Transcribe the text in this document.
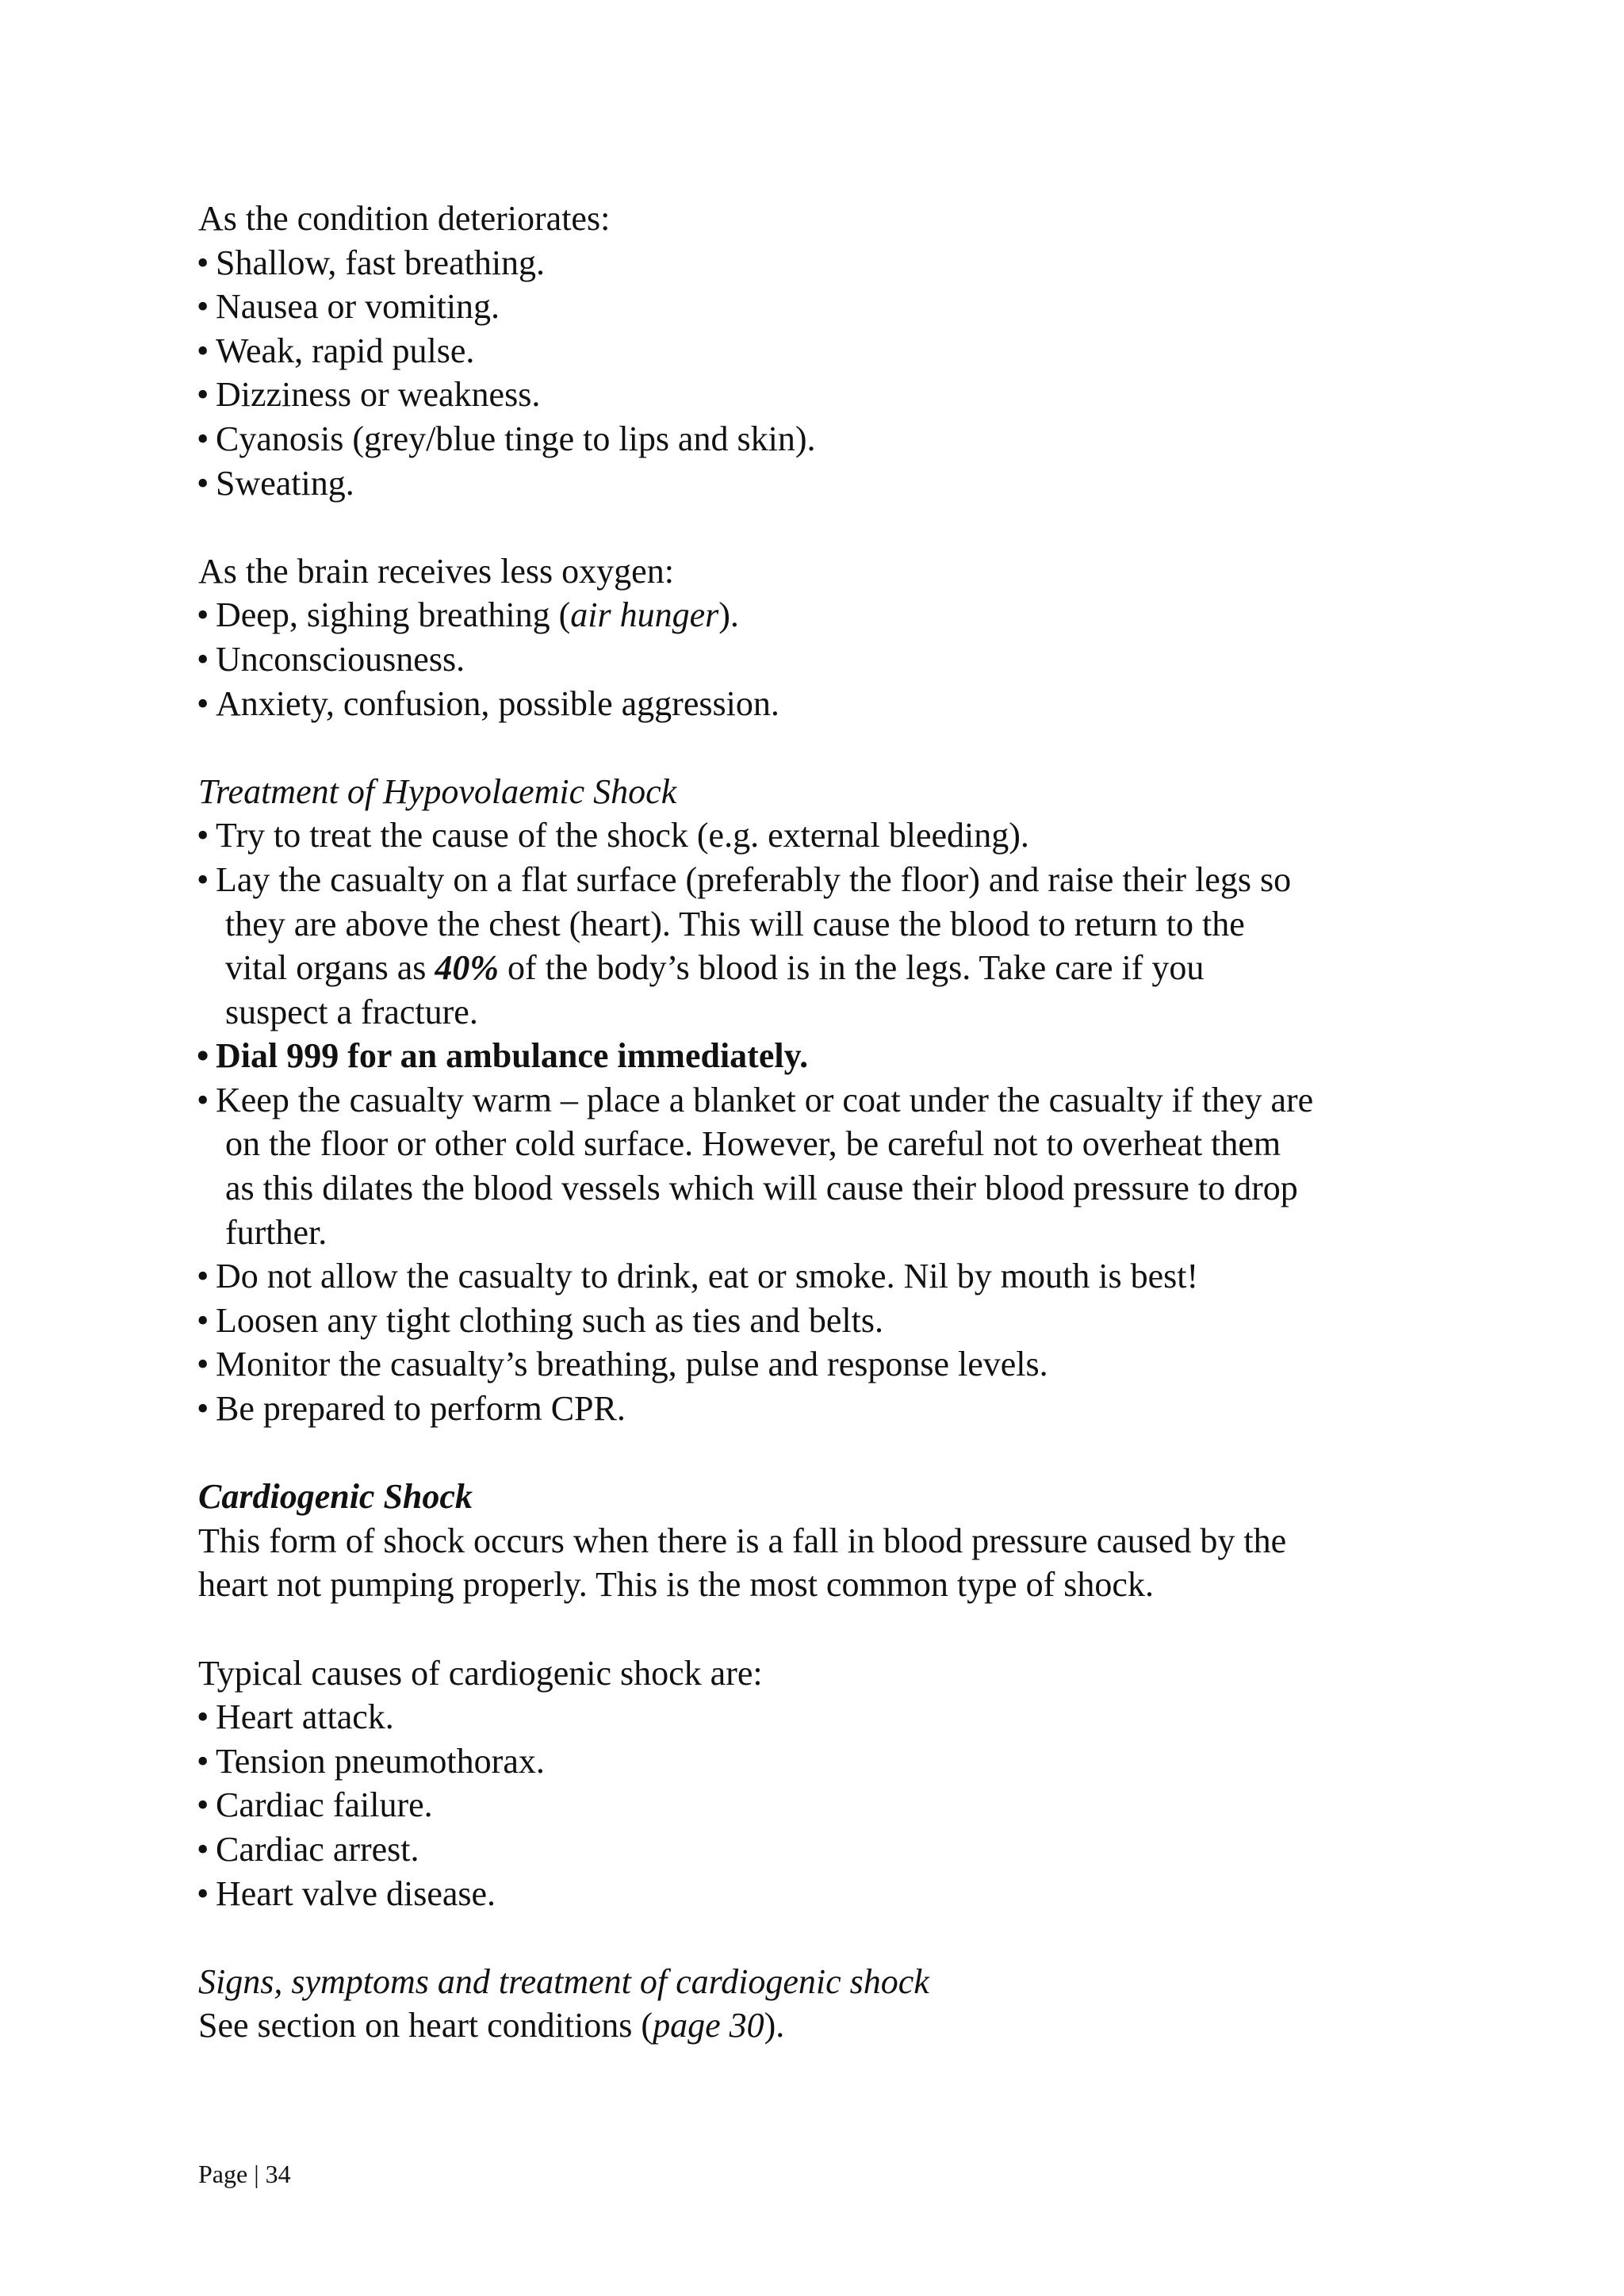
As the condition deteriorates:

• Shallow, fast breathing.
• Nausea or vomiting.
• Weak, rapid pulse.
• Dizziness or weakness.
• Cyanosis (grey/blue tinge to lips and skin).
• Sweating.

As the brain receives less oxygen:

• Deep, sighing breathing (air hunger).
• Unconsciousness.
• Anxiety, confusion, possible aggression.

Treatment of Hypovolaemic Shock

• Try to treat the cause of the shock (e.g. external bleeding).
• Lay the casualty on a flat surface (preferably the floor) and raise their legs so
they are above the chest (heart). This will cause the blood to return to the
vital organs as 40% of the body’s blood is in the legs. Take care if you
suspect a fracture.
• Dial 999 for an ambulance immediately.
• Keep the casualty warm – place a blanket or coat under the casualty if they are
on the floor or other cold surface. However, be careful not to overheat them
as this dilates the blood vessels which will cause their blood pressure to drop
further.
• Do not allow the casualty to drink, eat or smoke. Nil by mouth is best!
• Loosen any tight clothing such as ties and belts.
• Monitor the casualty’s breathing, pulse and response levels.
• Be prepared to perform CPR.

Cardiogenic Shock

This form of shock occurs when there is a fall in blood pressure caused by the
heart not pumping properly. This is the most common type of shock.

Typical causes of cardiogenic shock are:

• Heart attack.
• Tension pneumothorax.
• Cardiac failure.
• Cardiac arrest.
• Heart valve disease.

Signs, symptoms and treatment of cardiogenic shock

See section on heart conditions (page 30).

Page | 34
